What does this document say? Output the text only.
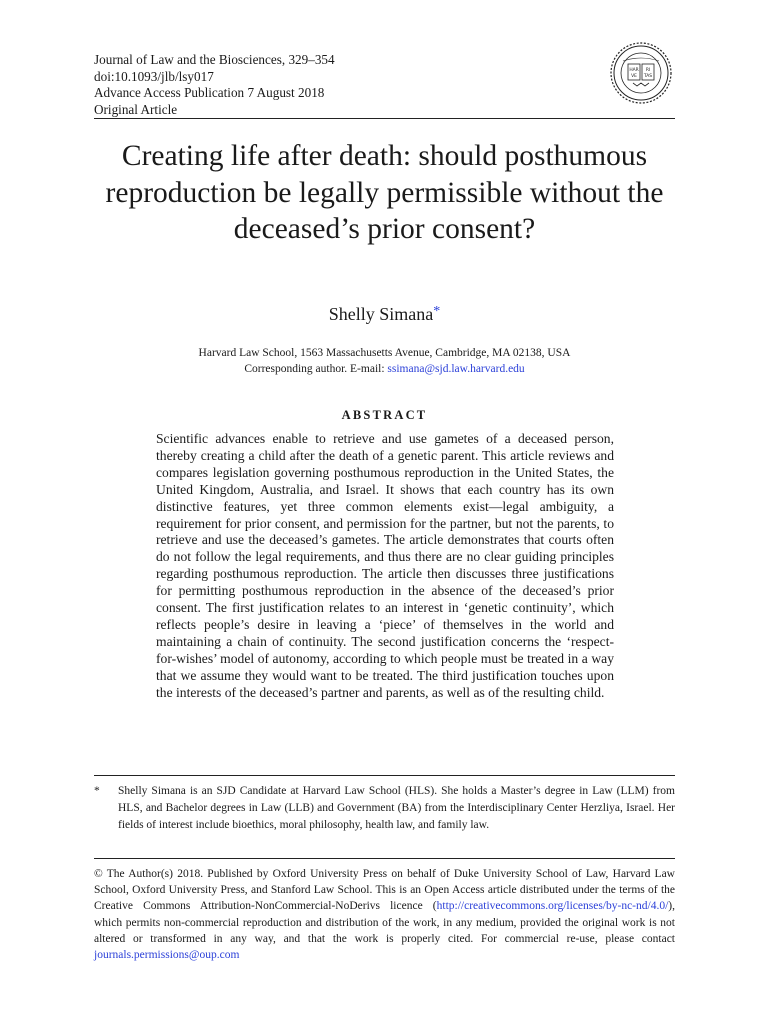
Journal of Law and the Biosciences, 329–354
doi:10.1093/jlb/lsy017
Advance Access Publication 7 August 2018
Original Article
HAR
VE
RI
TAS
Creating life after death: should posthumous reproduction be legally permissible without the deceased’s prior consent?
Shelly Simana*
Harvard Law School, 1563 Massachusetts Avenue, Cambridge, MA 02138, USA
Corresponding author. E-mail: ssimana@sjd.law.harvard.edu
ABSTRACT
Scientific advances enable to retrieve and use gametes of a deceased person, thereby creating a child after the death of a genetic parent. This article reviews and compares legislation governing posthumous reproduction in the United States, the United Kingdom, Australia, and Israel. It shows that each country has its own distinctive features, yet three common elements exist—legal ambiguity, a requirement for prior consent, and permission for the partner, but not the parents, to retrieve and use the deceased’s gametes. The article demonstrates that courts often do not follow the legal requirements, and thus there are no clear guiding principles regarding posthumous reproduction. The article then discusses three justifications for permitting posthumous reproduction in the absence of the deceased’s prior consent. The first justification relates to an interest in ‘genetic continuity’, which reflects people’s desire in leaving a ‘piece’ of themselves in the world and maintaining a chain of continuity. The second justification concerns the ‘respect-for-wishes’ model of autonomy, according to which people must be treated in a way that we assume they would want to be treated. The third justification touches upon the interests of the deceased’s partner and parents, as well as of the resulting child.
* Shelly Simana is an SJD Candidate at Harvard Law School (HLS). She holds a Master’s degree in Law (LLM) from HLS, and Bachelor degrees in Law (LLB) and Government (BA) from the Interdisciplinary Center Herzliya, Israel. Her fields of interest include bioethics, moral philosophy, health law, and family law.
© The Author(s) 2018. Published by Oxford University Press on behalf of Duke University School of Law, Harvard Law School, Oxford University Press, and Stanford Law School. This is an Open Access article distributed under the terms of the Creative Commons Attribution-NonCommercial-NoDerivs licence (http://creativecommons.org/licenses/by-nc-nd/4.0/), which permits non-commercial reproduction and distribution of the work, in any medium, provided the original work is not altered or transformed in any way, and that the work is properly cited. For commercial re-use, please contact journals.permissions@oup.com
